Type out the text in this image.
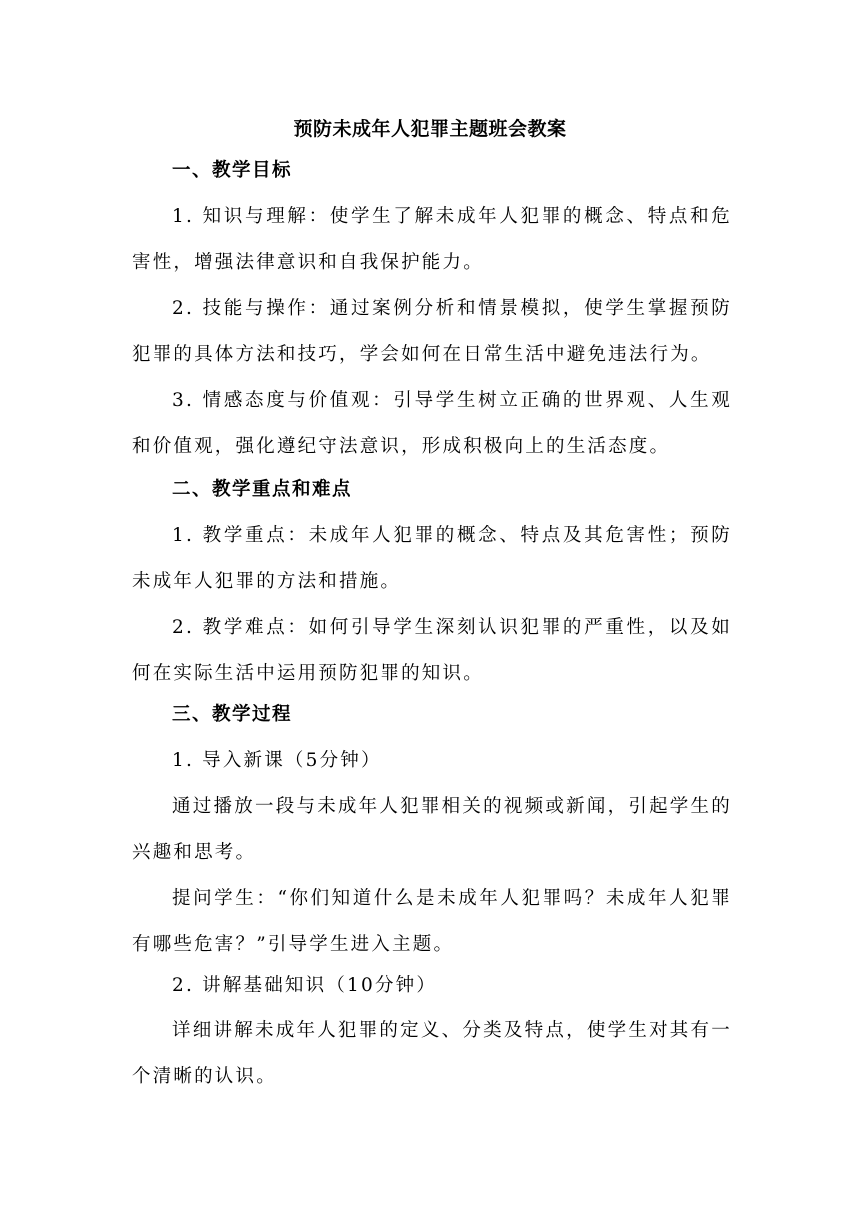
预防未成年人犯罪主题班会教案

一、教学目标

1. 知识与理解：使学生了解未成年人犯罪的概念、特点和危害性，增强法律意识和自我保护能力。

2. 技能与操作：通过案例分析和情景模拟，使学生掌握预防犯罪的具体方法和技巧，学会如何在日常生活中避免违法行为。

3. 情感态度与价值观：引导学生树立正确的世界观、人生观和价值观，强化遵纪守法意识，形成积极向上的生活态度。

二、教学重点和难点

1. 教学重点：未成年人犯罪的概念、特点及其危害性；预防未成年人犯罪的方法和措施。

2. 教学难点：如何引导学生深刻认识犯罪的严重性，以及如何在实际生活中运用预防犯罪的知识。

三、教学过程

1. 导入新课（5分钟）

通过播放一段与未成年人犯罪相关的视频或新闻，引起学生的兴趣和思考。

提问学生：“你们知道什么是未成年人犯罪吗？未成年人犯罪有哪些危害？”引导学生进入主题。

2. 讲解基础知识（10分钟）

详细讲解未成年人犯罪的定义、分类及特点，使学生对其有一个清晰的认识。
